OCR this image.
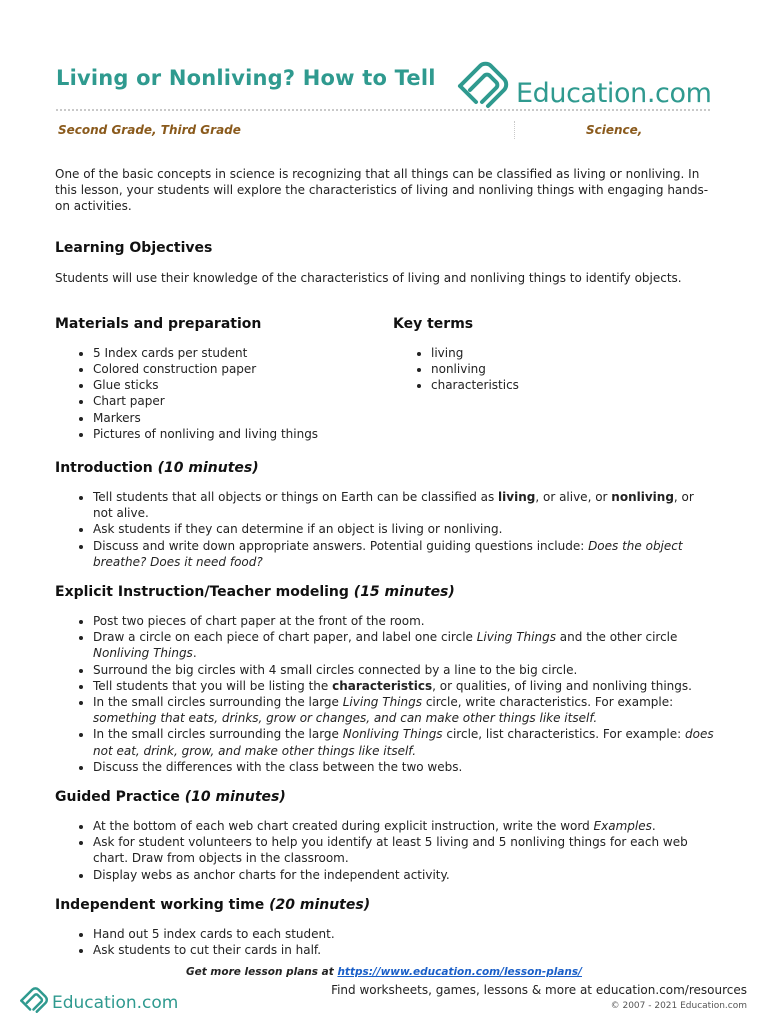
Living or Nonliving? How to Tell	Education.com
Second Grade, Third Grade	Science,

One of the basic concepts in science is recognizing that all things can be classified as living or nonliving. In this lesson, your students will explore the characteristics of living and nonliving things with engaging hands-on activities.

Learning Objectives

Students will use their knowledge of the characteristics of living and nonliving things to identify objects.

Materials and preparation
• 5 Index cards per student
• Colored construction paper
• Glue sticks
• Chart paper
• Markers
• Pictures of nonliving and living things
Key terms
• living
• nonliving
• characteristics
Introduction (10 minutes)
• Tell students that all objects or things on Earth can be classified as living, or alive, or nonliving, or not alive.
• Ask students if they can determine if an object is living or nonliving.
• Discuss and write down appropriate answers. Potential guiding questions include: Does the object breathe? Does it need food?
Explicit Instruction/Teacher modeling (15 minutes)
• Post two pieces of chart paper at the front of the room.
• Draw a circle on each piece of chart paper, and label one circle Living Things and the other circle Nonliving Things.
• Surround the big circles with 4 small circles connected by a line to the big circle.
• Tell students that you will be listing the characteristics, or qualities, of living and nonliving things.
• In the small circles surrounding the large Living Things circle, write characteristics. For example: something that eats, drinks, grow or changes, and can make other things like itself.
• In the small circles surrounding the large Nonliving Things circle, list characteristics. For example: does not eat, drink, grow, and make other things like itself.
• Discuss the differences with the class between the two webs.
Guided Practice (10 minutes)
• At the bottom of each web chart created during explicit instruction, write the word Examples.
• Ask for student volunteers to help you identify at least 5 living and 5 nonliving things for each web chart. Draw from objects in the classroom.
• Display webs as anchor charts for the independent activity.
Independent working time (20 minutes)
• Hand out 5 index cards to each student.
• Ask students to cut their cards in half.
Get more lesson plans at https://www.education.com/lesson-plans/
Education.com
Find worksheets, games, lessons & more at education.com/resources
© 2007 - 2021 Education.com
